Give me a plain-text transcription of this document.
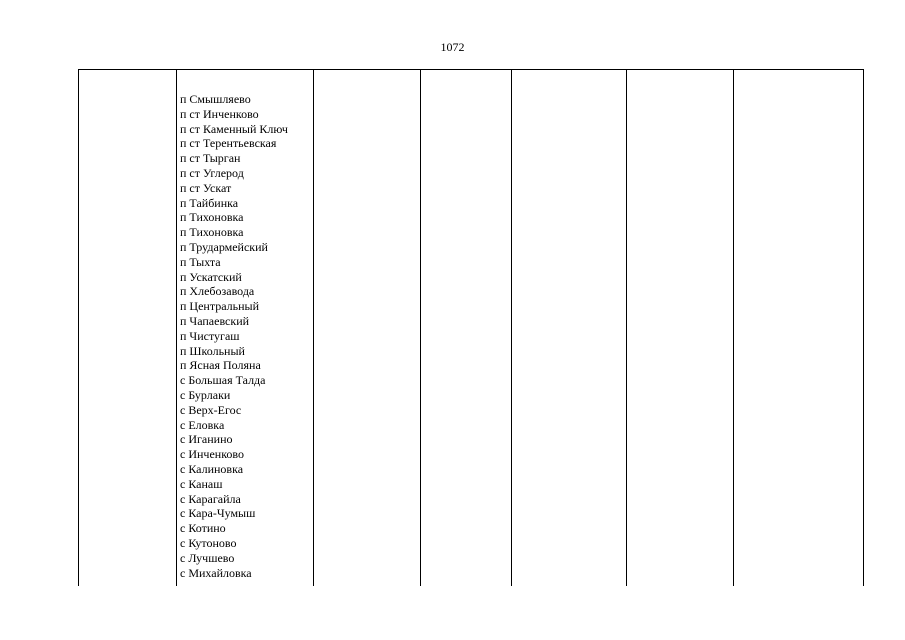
1072
п Смышляево
п ст Инченково
п ст Каменный Ключ
п ст Терентьевская
п ст Тырган
п ст Углерод
п ст Ускат
п Тайбинка
п Тихоновка
п Тихоновка
п Трудармейский
п Тыхта
п Ускатский
п Хлебозавода
п Центральный
п Чапаевский
п Чистугаш
п Школьный
п Ясная Поляна
с Большая Талда
с Бурлаки
с Верх-Егос
с Еловка
с Иганино
с Инченково
с Калиновка
с Канаш
с Карагайла
с Кара-Чумыш
с Котино
с Кутоново
с Лучшево
с Михайловка
